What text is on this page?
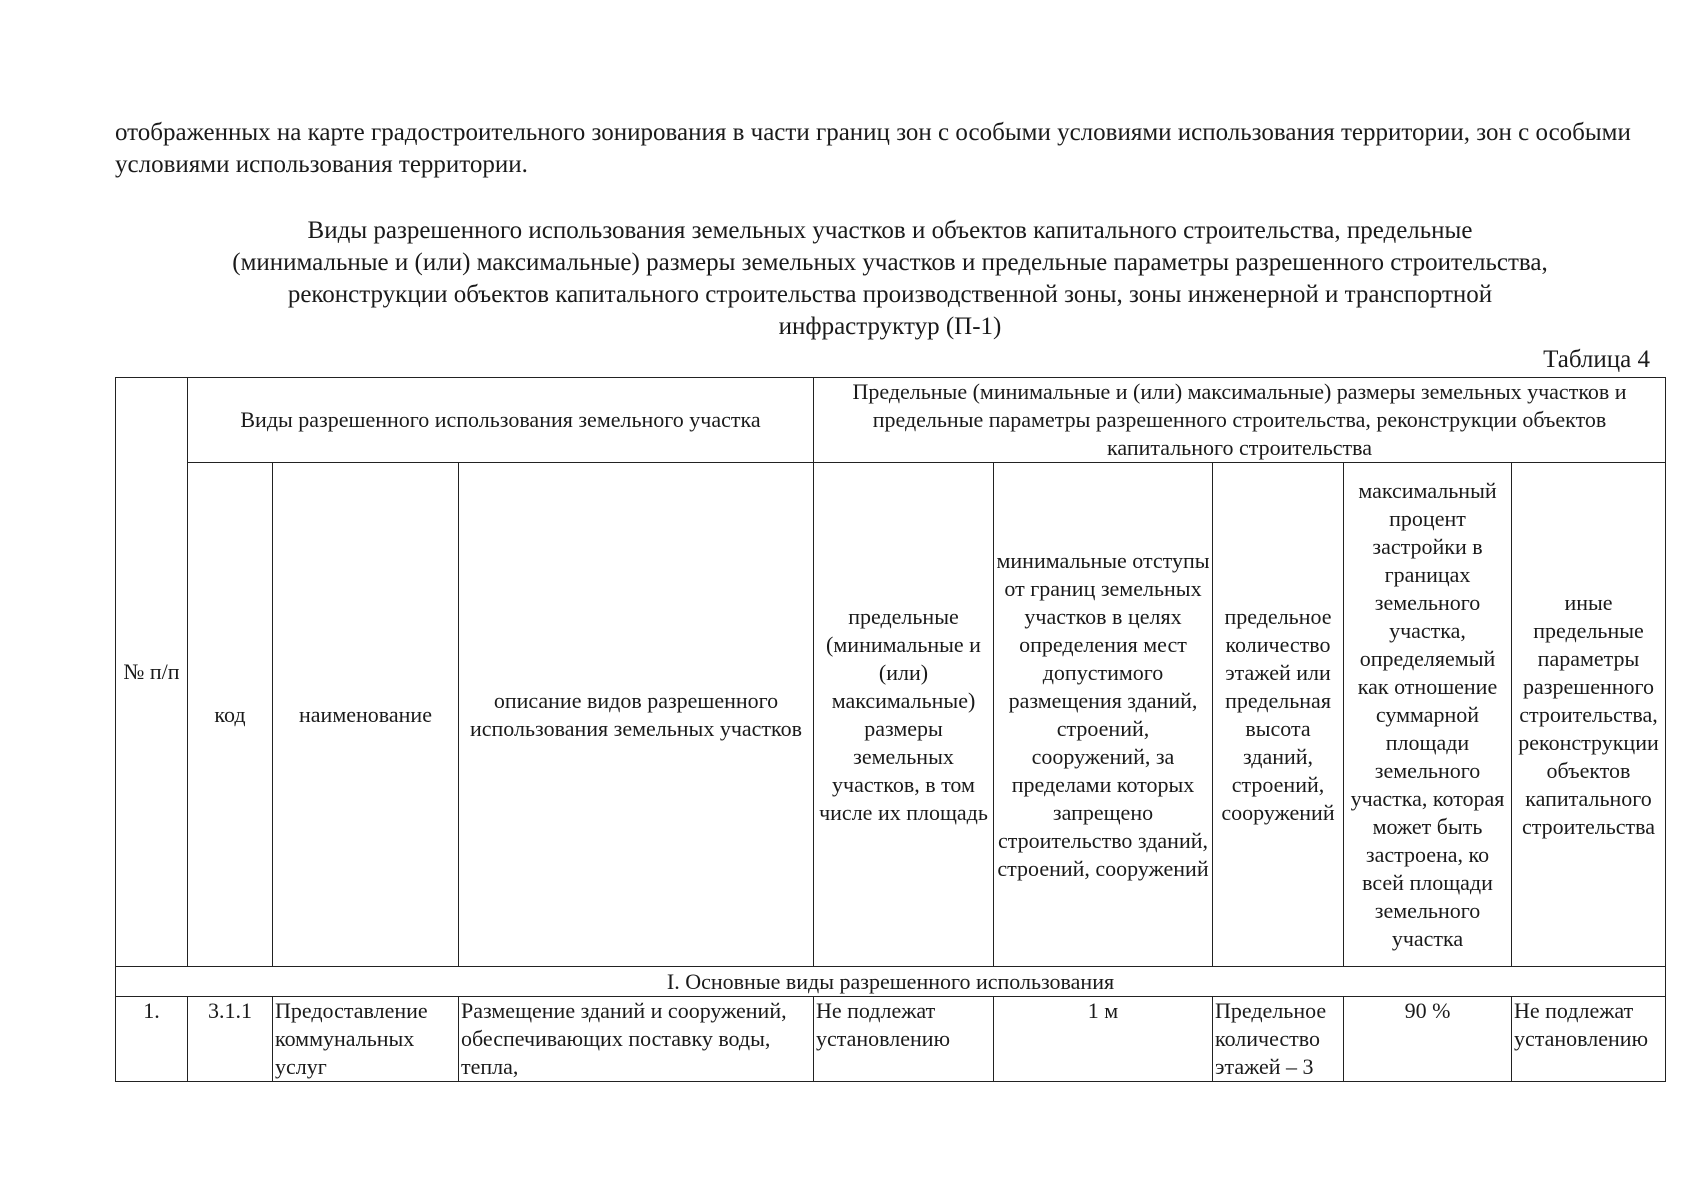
отображенных на карте градостроительного зонирования в части границ зон с особыми условиями использования территории, зон с особыми условиями использования территории.

Виды разрешенного использования земельных участков и объектов капитального строительства, предельные
(минимальные и (или) максимальные) размеры земельных участков и предельные параметры разрешенного строительства,
реконструкции объектов капитального строительства производственной зоны, зоны инженерной и транспортной
инфраструктур (П-1)

Таблица 4

№ п/п	Виды разрешенного использования земельного участка			Предельные (минимальные и (или) максимальные) размеры земельных участков и предельные параметры разрешенного строительства, реконструкции объектов капитального строительства				
	код	наименование	описание видов разрешенного использования земельных участков	предельные (минимальные и (или) максимальные) размеры земельных участков, в том числе их площадь	минимальные отступы от границ земельных участков в целях определения мест допустимого размещения зданий, строений, сооружений, за пределами которых запрещено строительство зданий, строений, сооружений	предельное количество этажей или предельная высота зданий, строений, сооружений	максимальный процент застройки в границах земельного участка, определяемый как отношение суммарной площади земельного участка, которая может быть застроена, ко всей площади земельного участка	иные предельные параметры разрешенного строительства, реконструкции объектов капитального строительства
I. Основные виды разрешенного использования								
1.	3.1.1	Предоставление коммунальных услуг	Размещение зданий и сооружений, обеспечивающих поставку воды, тепла,	Не подлежат установлению	1 м	Предельное количество этажей – 3	90 %	Не подлежат установлению
